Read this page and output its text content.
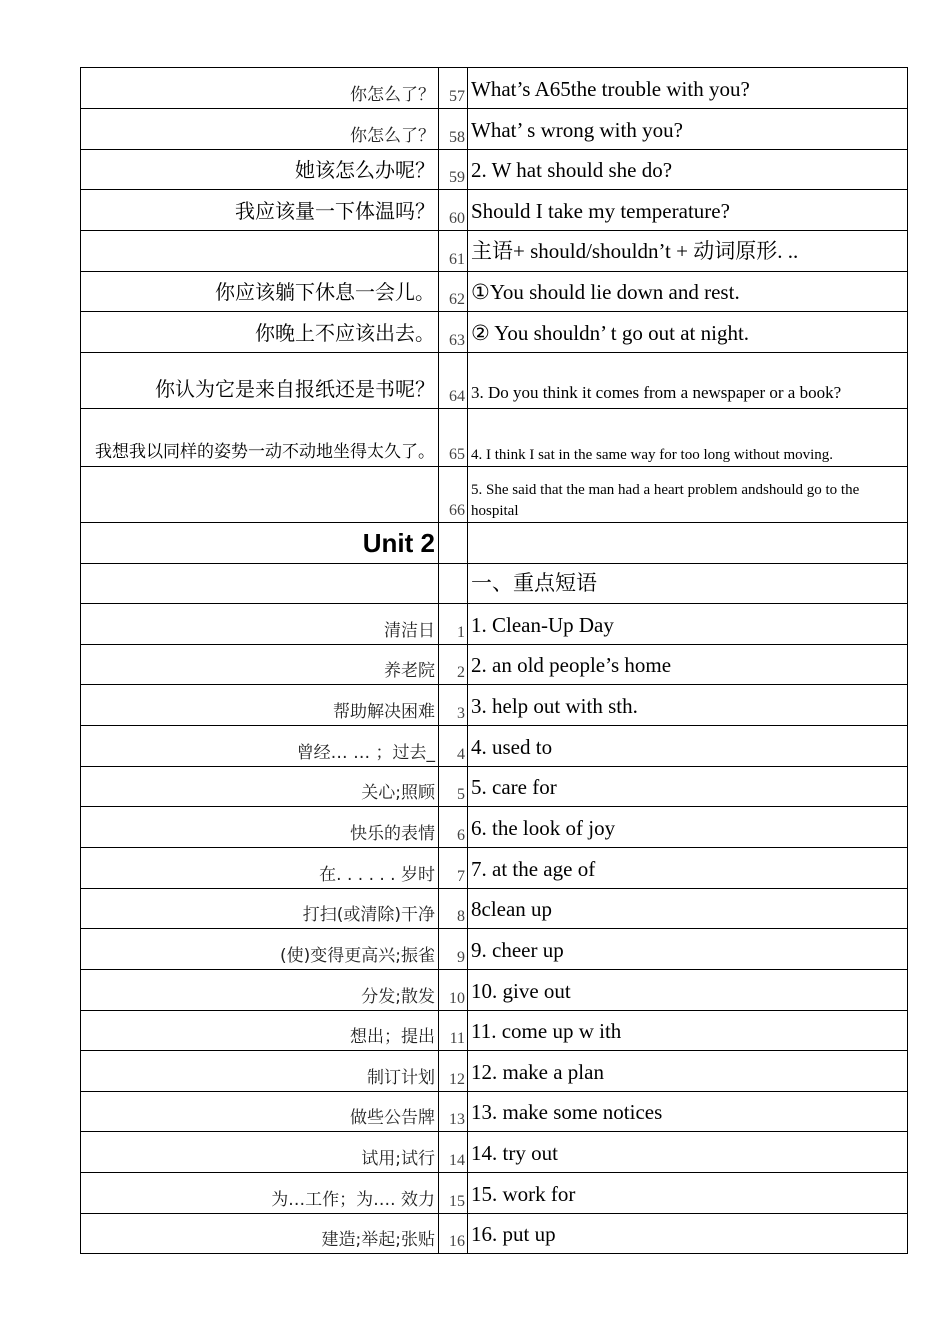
你怎么了？	57	What’s A65the trouble with you?
你怎么了？	58	What’ s wrong with you?
她该怎么办呢？	59	2. W hat should she do?
我应该量一下体温吗？	60	Should I take my temperature?
	61	主语+ should/shouldn’t + 动词原形. ..
你应该躺下休息一会儿。	62	①You should lie down and rest.
你晚上不应该出去。	63	② You shouldn’ t go out at night.
你认为它是来自报纸还是书呢？	64	3. Do you think it comes from a newspaper or a book?
我想我以同样的姿势一动不动地坐得太久了。	65	4. I think I sat in the same way for too long without moving.
	66	5. She said that the man had a heart problem andshould go to the hospital
Unit 2		
		一、重点短语
清洁日	1	1. Clean-Up Day
养老院	2	2. an old people’s home
帮助解决困难	3	3. help out with sth.
曾经… … ；过去_	4	4. used to
关心;照顾	5	5. care for
快乐的表情	6	6. the look of joy
在. . . . . . 岁时	7	7. at the age of
打扫(或清除)干净	8	8clean up
(使)变得更高兴;振雀	9	9. cheer up
分发;散发	10	10. give out
想出；提出	11	11. come up w ith
制订计划	12	12. make a plan
做些公告牌	13	13. make some notices
试用;试行	14	14. try out
为…工作；为…. 效力	15	15. work for
建造;举起;张贴	16	16. put up
